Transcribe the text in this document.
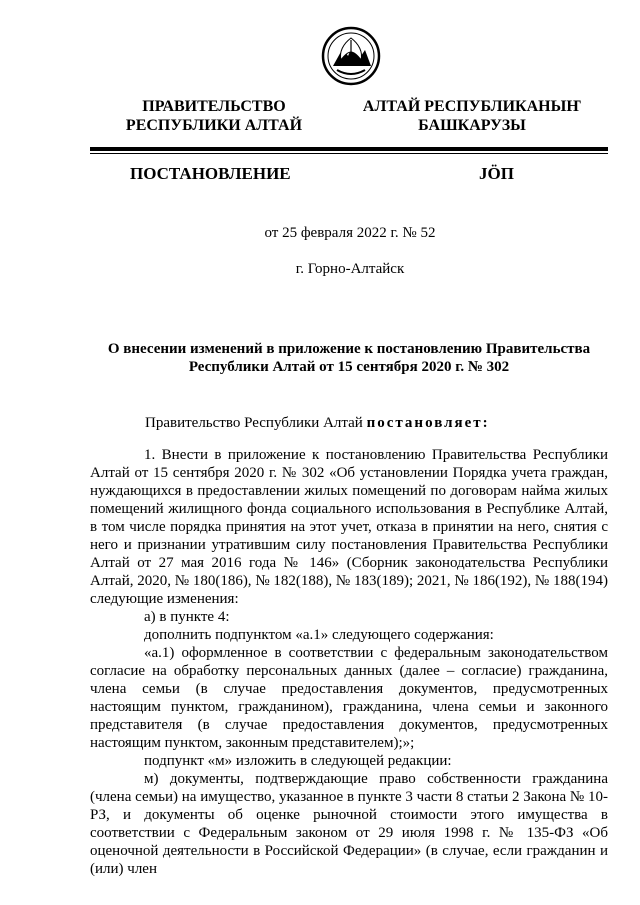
ПРАВИТЕЛЬСТВО
РЕСПУБЛИКИ АЛТАЙ
АЛТАЙ РЕСПУБЛИКАНЫҤ
БАШКАРУЗЫ
ПОСТАНОВЛЕНИЕ	JÖП
от 25 февраля 2022 г. № 52
г. Горно-Алтайск
О внесении изменений в приложение к постановлению Правительства
Республики Алтай от 15 сентября 2020 г. № 302
Правительство Республики Алтай постановляет:

1. Внести в приложение к постановлению Правительства Республики Алтай от 15 сентября 2020 г. № 302 «Об установлении Порядка учета граждан, нуждающихся в предоставлении жилых помещений по договорам найма жилых помещений жилищного фонда социального использования в Республике Алтай, в том числе порядка принятия на этот учет, отказа в принятии на него, снятия с него и признании утратившим силу постановления Правительства Республики Алтай от 27 мая 2016 года № 146» (Сборник законодательства Республики Алтай, 2020, № 180(186), № 182(188), № 183(189); 2021, № 186(192), № 188(194) следующие изменения:

а) в пункте 4:

дополнить подпунктом «а.1» следующего содержания:

«а.1) оформленное в соответствии с федеральным законодательством согласие на обработку персональных данных (далее – согласие) гражданина, члена семьи (в случае предоставления документов, предусмотренных настоящим пунктом, гражданином), гражданина, члена семьи и законного представителя (в случае предоставления документов, предусмотренных настоящим пунктом, законным представителем);»;

подпункт «м» изложить в следующей редакции:

м) документы, подтверждающие право собственности гражданина (члена семьи) на имущество, указанное в пункте 3 части 8 статьи 2 Закона № 10-РЗ, и документы об оценке рыночной стоимости этого имущества в соответствии с Федеральным законом от 29 июля 1998 г. № 135-ФЗ «Об оценочной деятельности в Российской Федерации» (в случае, если гражданин и (или) член
